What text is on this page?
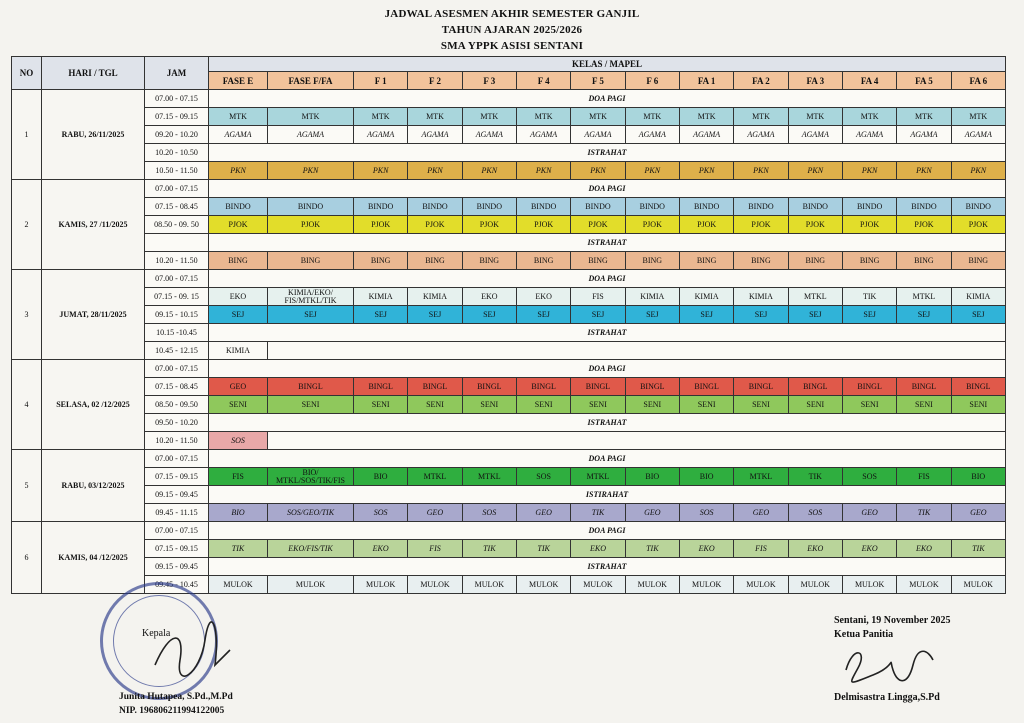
JADWAL ASESMEN AKHIR SEMESTER GANJIL
TAHUN AJARAN 2025/2026
SMA YPPK ASISI SENTANI
NO	HARI / TGL	JAM	KELAS / MAPEL													
			FASE E	FASE F/FA	F 1	F 2	F 3	F 4	F 5	F 6	FA 1	FA 2	FA 3	FA 4	FA 5	FA 6
1	RABU, 26/11/2025	07.00 - 07.15	DOA PAGI													
		07.15 - 09.15	MTK	MTK	MTK	MTK	MTK	MTK	MTK	MTK	MTK	MTK	MTK	MTK	MTK	MTK
		09.20 - 10.20	AGAMA	AGAMA	AGAMA	AGAMA	AGAMA	AGAMA	AGAMA	AGAMA	AGAMA	AGAMA	AGAMA	AGAMA	AGAMA	AGAMA
		10.20 - 10.50	ISTRAHAT													
		10.50 - 11.50	PKN	PKN	PKN	PKN	PKN	PKN	PKN	PKN	PKN	PKN	PKN	PKN	PKN	PKN
2	KAMIS, 27 /11/2025	07.00 - 07.15	DOA PAGI													
		07.15 - 08.45	BINDO	BINDO	BINDO	BINDO	BINDO	BINDO	BINDO	BINDO	BINDO	BINDO	BINDO	BINDO	BINDO	BINDO
		08.50 - 09. 50	PJOK	PJOK	PJOK	PJOK	PJOK	PJOK	PJOK	PJOK	PJOK	PJOK	PJOK	PJOK	PJOK	PJOK
			ISTRAHAT													
		10.20 - 11.50	BING	BING	BING	BING	BING	BING	BING	BING	BING	BING	BING	BING	BING	BING
3	JUMAT, 28/11/2025	07.00 - 07.15	DOA PAGI													
		07.15 - 09. 15	EKO	KIMIA/EKO/ FIS/MTKL/TIK	KIMIA	KIMIA	EKO	EKO	FIS	KIMIA	KIMIA	KIMIA	MTKL	TIK	MTKL	KIMIA
		09.15 - 10.15	SEJ	SEJ	SEJ	SEJ	SEJ	SEJ	SEJ	SEJ	SEJ	SEJ	SEJ	SEJ	SEJ	SEJ
		10.15 -10.45	ISTRAHAT													
		10.45 - 12.15	KIMIA													
4	SELASA, 02 /12/2025	07.00 - 07.15	DOA PAGI													
		07.15 - 08.45	GEO	BINGL	BINGL	BINGL	BINGL	BINGL	BINGL	BINGL	BINGL	BINGL	BINGL	BINGL	BINGL	BINGL
		08.50 - 09.50	SENI	SENI	SENI	SENI	SENI	SENI	SENI	SENI	SENI	SENI	SENI	SENI	SENI	SENI
		09.50 - 10.20	ISTRAHAT													
		10.20 - 11.50	SOS													
5	RABU, 03/12/2025	07.00 - 07.15	DOA PAGI													
		07.15 - 09.15	FIS	BIO/ MTKL/SOS/TIK/FIS	BIO	MTKL	MTKL	SOS	MTKL	BIO	BIO	MTKL	TIK	SOS	FIS	BIO
		09.15 - 09.45	ISTIRAHAT													
		09.45 - 11.15	BIO	SOS/GEO/TIK	SOS	GEO	SOS	GEO	TIK	GEO	SOS	GEO	SOS	GEO	TIK	GEO
6	KAMIS, 04 /12/2025	07.00 - 07.15	DOA PAGI													
		07.15 - 09.15	TIK	EKO/FIS/TIK	EKO	FIS	TIK	TIK	EKO	TIK	EKO	FIS	EKO	EKO	EKO	TIK
		09.15 - 09.45	ISTRAHAT													
		09.45 - 10.45	MULOK	MULOK	MULOK	MULOK	MULOK	MULOK	MULOK	MULOK	MULOK	MULOK	MULOK	MULOK	MULOK	MULOK
Kepala
Junita Hutapea, S.Pd.,M.Pd
NIP. 196806211994122005
Sentani, 19 November 2025
Ketua Panitia
Delmisastra Lingga,S.Pd
